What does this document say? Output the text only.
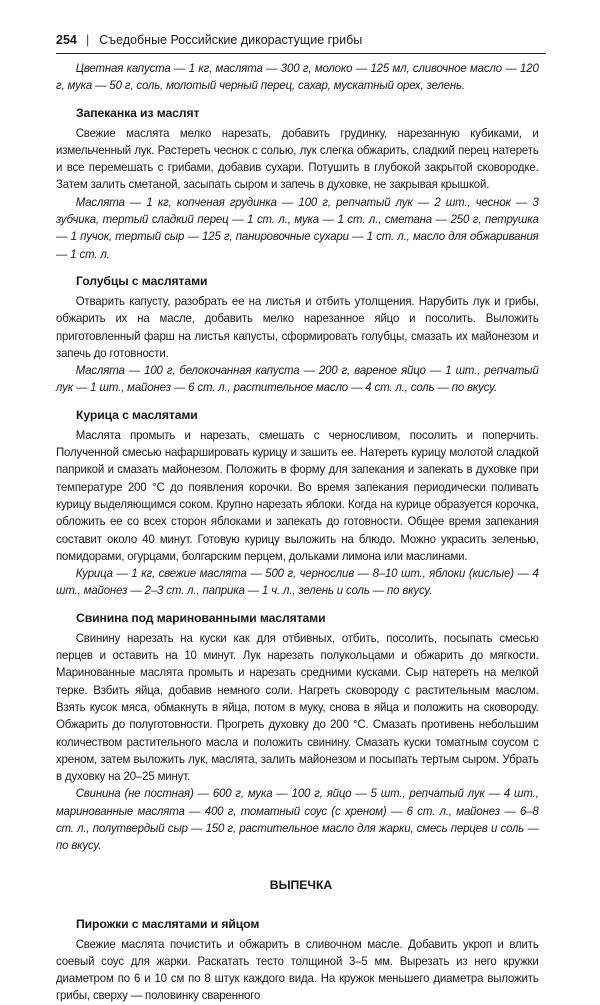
254 | Съедобные Российские дикорастущие грибы

Цветная капуста — 1 кг, маслята — 300 г, молоко — 125 мл, сливочное масло — 120 г, мука — 50 г, соль, молотый черный перец, сахар, мускатный орех, зелень.

Запеканка из маслят

Свежие маслята мелко нарезать, добавить грудинку, нарезанную кубиками, и измельченный лук. Растереть чеснок с солью, лук слегка обжарить, сладкий перец натереть и все перемешать с грибами, добавив сухари. Потушить в глубокой закрытой сковородке. Затем залить сметаной, засыпать сыром и запечь в духовке, не закрывая крышкой.

Маслята — 1 кг, копченая грудинка — 100 г, репчатый лук — 2 шт., чеснок — 3 зубчика, тертый сладкий перец — 1 ст. л., мука — 1 ст. л., сметана — 250 г, петрушка — 1 пучок, тертый сыр — 125 г, панировочные сухари — 1 ст. л., масло для обжаривания — 1 ст. л.

Голубцы с маслятами

Отварить капусту, разобрать ее на листья и отбить утолщения. Нарубить лук и грибы, обжарить их на масле, добавить мелко нарезанное яйцо и посолить. Выложить приготовленный фарш на листья капусты, сформировать голубцы, смазать их майонезом и запечь до готовности.

Маслята — 100 г, белокочанная капуста — 200 г, вареное яйцо — 1 шт., репчатый лук — 1 шт., майонез — 6 ст. л., растительное масло — 4 ст. л., соль — по вкусу.

Курица с маслятами

Маслята промыть и нарезать, смешать с черносливом, посолить и поперчить. Полученной смесью нафаршировать курицу и зашить ее. Натереть курицу молотой сладкой паприкой и смазать майонезом. Положить в форму для запекания и запекать в духовке при температуре 200 °С до появления корочки. Во время запекания периодически поливать курицу выделяющимся соком. Крупно нарезать яблоки. Когда на курице образуется корочка, обложить ее со всех сторон яблоками и запекать до готовности. Общее время запекания составит около 40 минут. Готовую курицу выложить на блюдо. Можно украсить зеленью, помидорами, огурцами, болгарским перцем, дольками лимона или маслинами.

Курица — 1 кг, свежие маслята — 500 г, чернослив — 8–10 шт., яблоки (кислые) — 4 шт., майонез — 2–3 ст. л., паприка — 1 ч. л., зелень и соль — по вкусу.

Свинина под маринованными маслятами

Свинину нарезать на куски как для отбивных, отбить, посолить, посыпать смесью перцев и оставить на 10 минут. Лук нарезать полукольцами и обжарить до мягкости. Маринованные маслята промыть и нарезать средними кусками. Сыр натереть на мелкой терке. Взбить яйца, добавив немного соли. Нагреть сковороду с растительным маслом. Взять кусок мяса, обмакнуть в яйца, потом в муку, снова в яйца и положить на сковороду. Обжарить до полуготовности. Прогреть духовку до 200 °С. Смазать противень небольшим количеством растительного масла и положить свинину. Смазать куски томатным соусом с хреном, затем выложить лук, маслята, залить майонезом и посыпать тертым сыром. Убрать в духовку на 20–25 минут.

Свинина (не постная) — 600 г, мука — 100 г, яйцо — 5 шт., репчатый лук — 4 шт., маринованные маслята — 400 г, томатный соус (с хреном) — 6 ст. л., майонез — 6–8 ст. л., полутвердый сыр — 150 г, растительное масло для жарки, смесь перцев и соль — по вкусу.

ВЫПЕЧКА
Пирожки с маслятами и яйцом

Свежие маслята почистить и обжарить в сливочном масле. Добавить укроп и влить соевый соус для жарки. Раскатать тесто толщиной 3–5 мм. Вырезать из него кружки диаметром по 6 и 10 см по 8 штук каждого вида. На кружок меньшего диаметра выложить грибы, сверху — половинку сваренного
